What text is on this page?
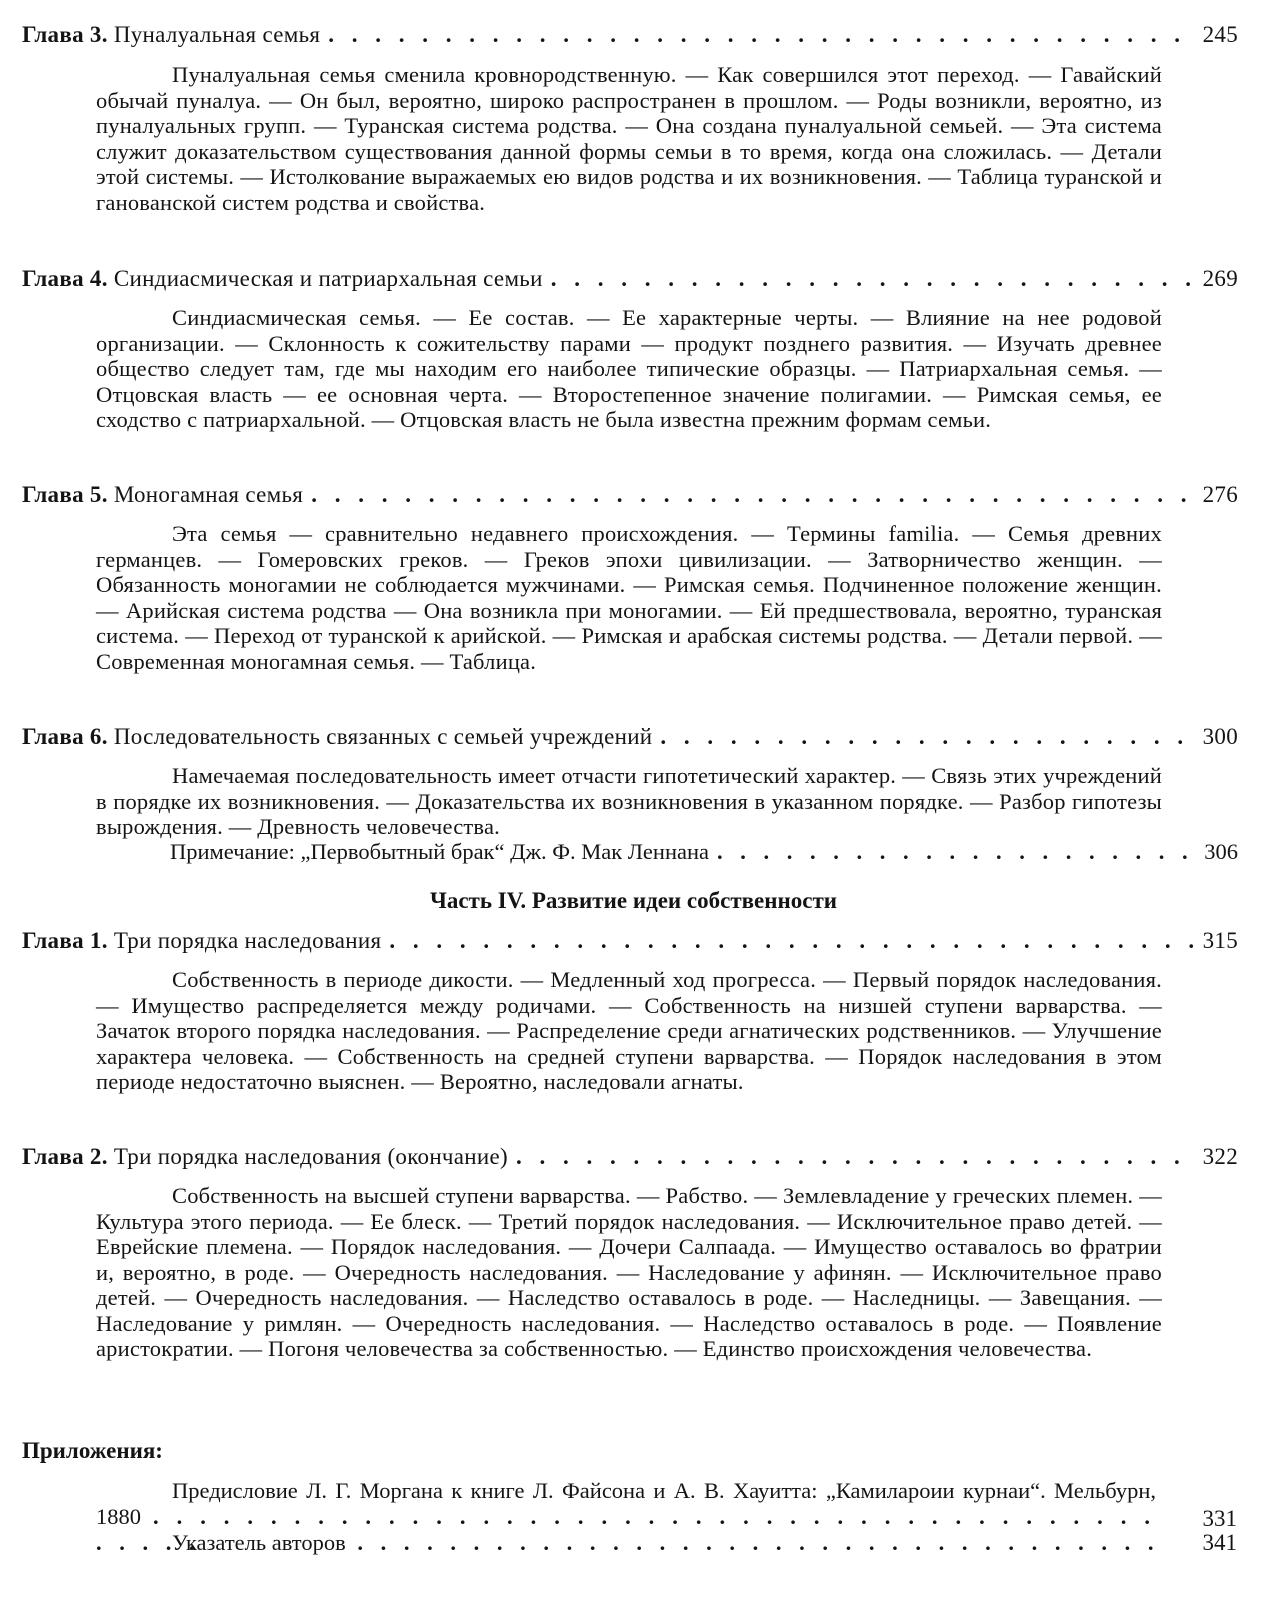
Глава 3.
Пуналуальная семья . . .	245

Пуналуальная семья сменила кровнородственную. — Как совершился этот переход. — Гавайский обычай пуналуа. — Он был, вероятно, широко распространен в прошлом. — Роды возникли, вероятно, из пуналуальных групп. — Туранская система родства. — Она создана пуналуальной семьей. — Эта система служит доказательством существования данной формы семьи в то время, когда она сложилась. — Детали этой системы. — Истолкование выражаемых ею видов родства и их возникновения. — Таблица туранской и ганованской систем родства и свойства.

Глава 4.
Синдиасмическая и патриархальная семьи . . .	269

Синдиасмическая семья. — Ее состав. — Ее характерные черты. — Влияние на нее родовой организации. — Склонность к сожительству парами — продукт позднего развития. — Изучать древнее общество следует там, где мы находим его наиболее типические образцы. — Патриархальная семья. — Отцовская власть — ее основная черта. — Второстепенное значение полигамии. — Римская семья, ее сходство с патриархальной. — Отцовская власть не была известна прежним формам семьи.

Глава 5.
Моногамная семья . . .	276

Эта семья — сравнительно недавнего происхождения. — Термины familia. — Семья древних германцев. — Гомеровских греков. — Греков эпохи цивилизации. — Затворничество женщин. — Обязанность моногамии не соблюдается мужчинами. — Римская семья. Подчиненное положение женщин. — Арийская система родства — Она возникла при моногамии. — Ей предшествовала, вероятно, туранская система. — Переход от туранской к арийской. — Римская и арабская системы родства. — Детали первой. — Современная моногамная семья. — Таблица.

Глава 6.
Последовательность связанных с семьей учреждений . . .	300

Намечаемая последовательность имеет отчасти гипотетический характер. — Связь этих учреждений в порядке их возникновения. — Доказательства их возникновения в указанном порядке. — Разбор гипотезы вырождения. — Древность человечества.

Примечание: „Первобытный брак“ Дж. Ф. Мак Леннана . . .	306
Часть IV. Развитие идеи собственности
Глава 1.
Три порядка наследования . . .	315

Собственность в периоде дикости. — Медленный ход прогресса. — Первый порядок наследования. — Имущество распределяется между родичами. — Собственность на низшей ступени варварства. — Зачаток второго порядка наследования. — Распределение среди агнатических родственников. — Улучшение характера человека. — Собственность на средней ступени варварства. — Порядок наследования в этом периоде недостаточно выяснен. — Вероятно, наследовали агнаты.

Глава 2.
Три порядка наследования (окончание) . . .	322

Собственность на высшей ступени варварства. — Рабство. — Землевладение у греческих племен. — Культура этого периода. — Ее блеск. — Третий порядок наследования. — Исключительное право детей. — Еврейские племена. — Порядок наследования. — Дочери Салпаада. — Имущество оставалось во фратрии и, вероятно, в роде. — Очередность наследования. — Наследование у афинян. — Исключительное право детей. — Очередность наследования. — Наследство оставалось в роде. — Наследницы. — Завещания. — Наследование у римлян. — Очередность наследования. — Наследство оставалось в роде. — Появление аристократии. — Погоня человечества за собственностью. — Единство происхождения человечества.

Приложения:

Предисловие Л. Г. Моргана к книге Л. Файсона и А. В. Хауитта: „Камилароии курнаи“. Мельбурн, 1880 . . .	331
Указатель авторов . . .	341
